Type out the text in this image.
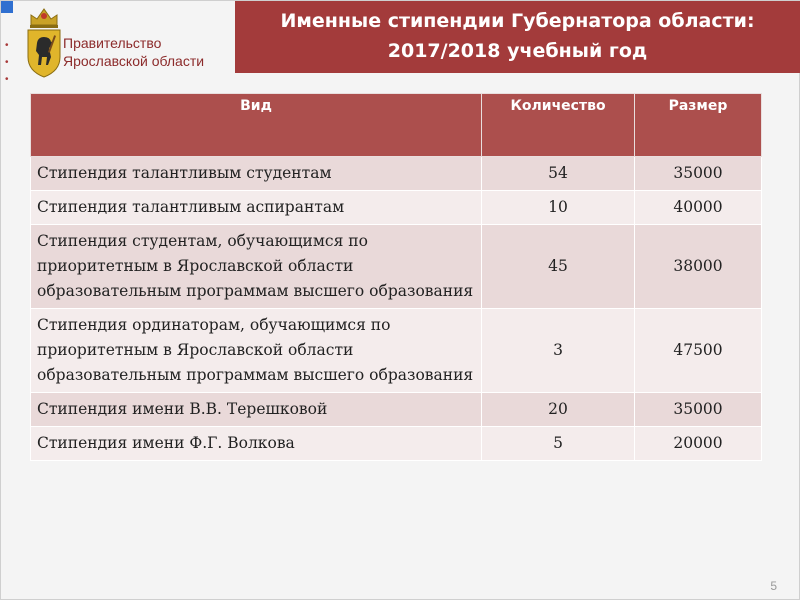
•
•
•
Правительство
Ярославской области
Именные стипендии Губернатора области:
2017/2018 учебный год
Вид	Количество	Размер
Стипендия талантливым студентам	54	35000
Стипендия талантливым аспирантам	10	40000
Стипендия студентам, обучающимся по приоритетным в Ярославской области образовательным программам высшего образования	45	38000
Стипендия ординаторам, обучающимся по приоритетным в Ярославской области образовательным программам высшего образования	3	47500
Стипендия имени В.В. Терешковой	20	35000
Стипендия имени Ф.Г. Волкова	5	20000
5
